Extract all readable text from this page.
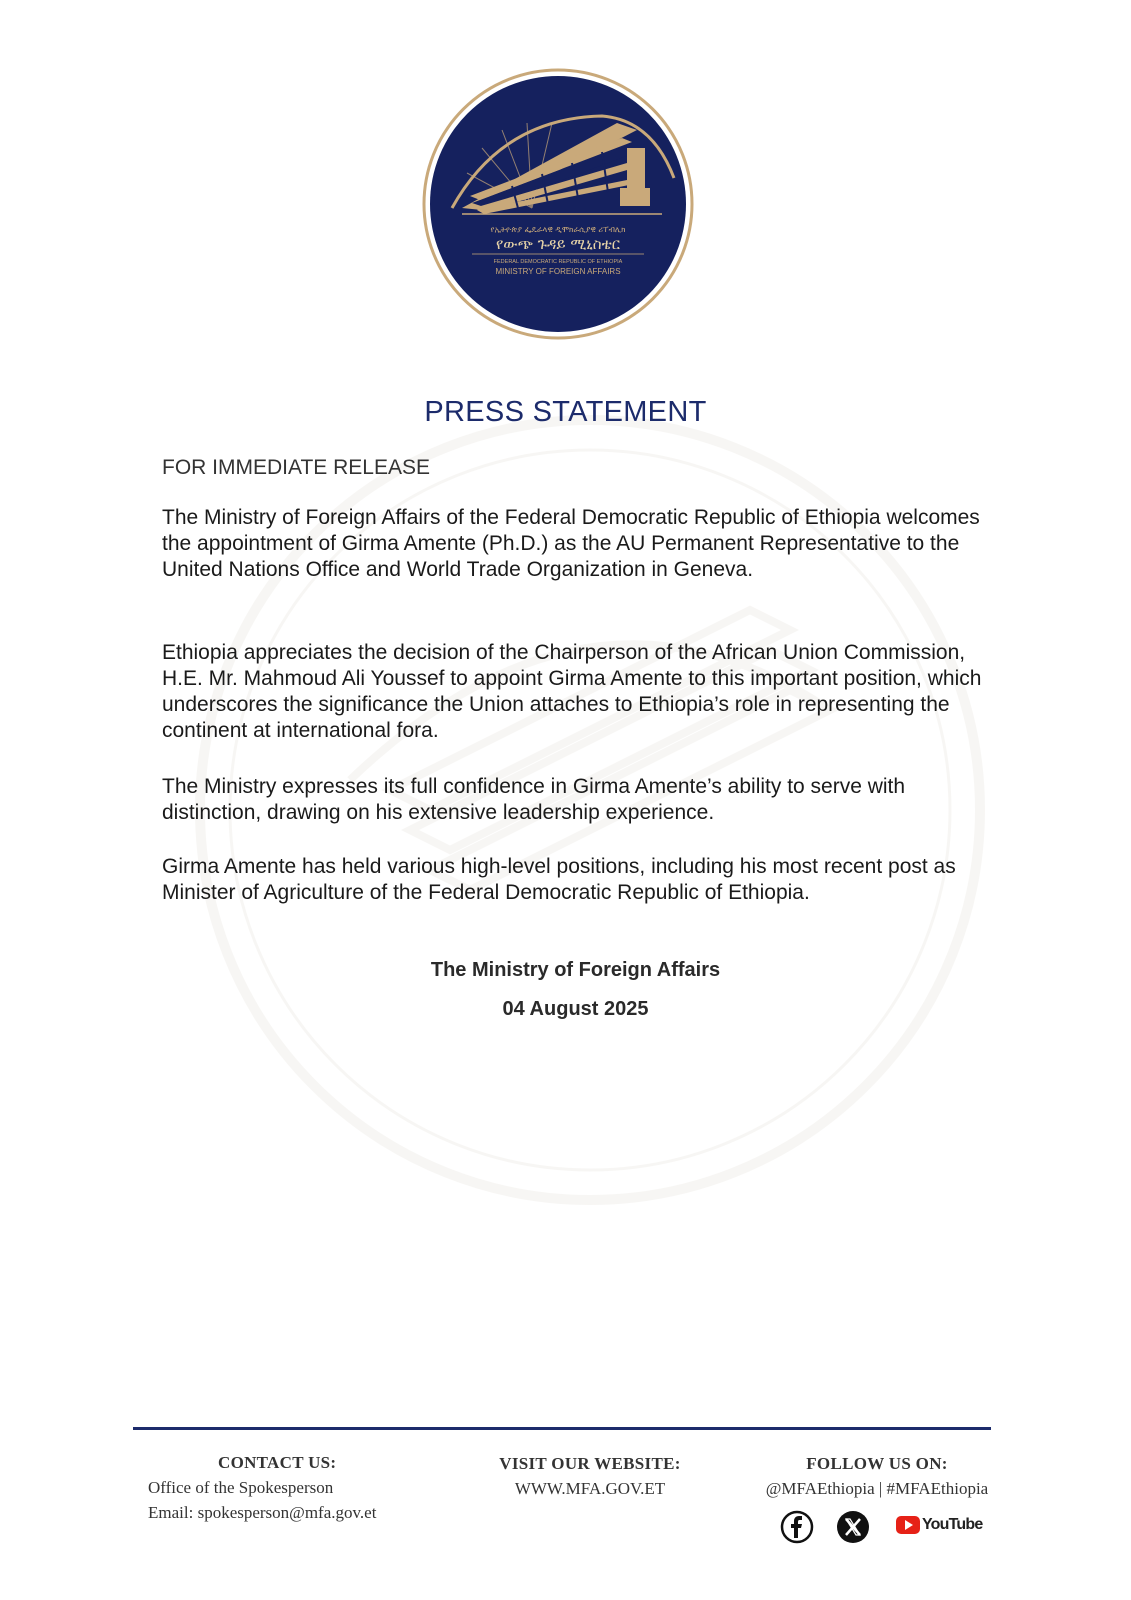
የኢትዮጵያ ፌዴራላዊ ዲሞክራሲያዊ ሪፐብሊክ
የውጭ ጉዳይ ሚኒስቴር
FEDERAL DEMOCRATIC REPUBLIC OF ETHIOPIA
MINISTRY OF FOREIGN AFFAIRS
PRESS STATEMENT
FOR IMMEDIATE RELEASE

The Ministry of Foreign Affairs of the Federal Democratic Republic of Ethiopia welcomes the appointment of Girma Amente (Ph.D.) as the AU Permanent Representative to the United Nations Office and World Trade Organization in Geneva.

Ethiopia appreciates the decision of the Chairperson of the African Union Commission, H.E. Mr. Mahmoud Ali Youssef to appoint Girma Amente to this important position, which underscores the significance the Union attaches to Ethiopia’s role in representing the continent at international fora.

The Ministry expresses its full confidence in Girma Amente’s ability to serve with distinction, drawing on his extensive leadership experience.

Girma Amente has held various high-level positions, including his most recent post as Minister of Agriculture of the Federal Democratic Republic of Ethiopia.

The Ministry of Foreign Affairs
04 August 2025
CONTACT US:
Office of the Spokesperson
Email: spokesperson@mfa.gov.et
VISIT OUR WEBSITE:
WWW.MFA.GOV.ET
FOLLOW US ON:
@MFAEthiopia | #MFAEthiopia
YouTube
